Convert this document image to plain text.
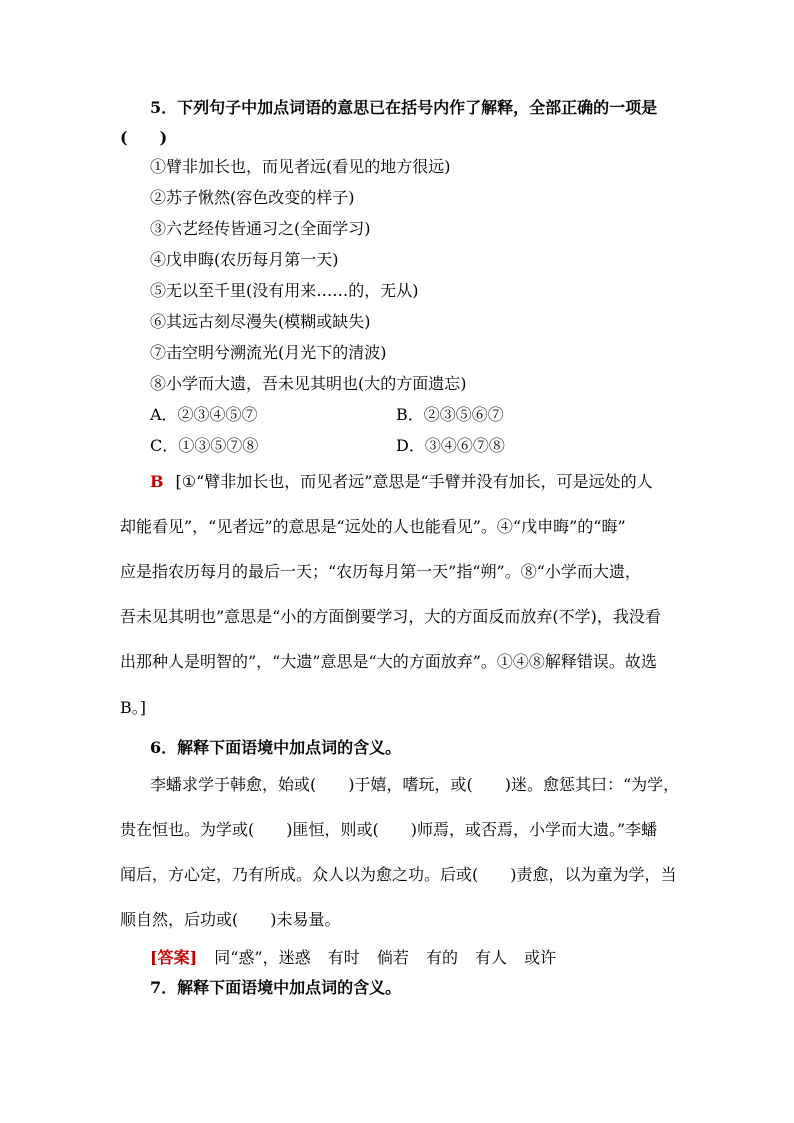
5．下列句子中加点词语的意思已在括号内作了解释，全部正确的一项是
(　　)
①臂非加长也，而见者远(看见的地方很远)
②苏子愀然(容色改变的样子)
③六艺经传皆通习之(全面学习)
④戊申晦(农历每月第一天)
⑤无以至千里(没有用来……的，无从)
⑥其远古刻尽漫失(模糊或缺失)
⑦击空明兮溯流光(月光下的清波)
⑧小学而大遗，吾未见其明也(大的方面遗忘)
A．②③④⑤⑦	B．②③⑤⑥⑦
C．①③⑤⑦⑧	D．③④⑥⑦⑧
B [①“臂非加长也，而见者远”意思是“手臂并没有加长，可是远处的人
却能看见”，“见者远”的意思是“远处的人也能看见”。④“戊申晦”的“晦”
应是指农历每月的最后一天；“农历每月第一天”指“朔”。⑧“小学而大遗，
吾未见其明也”意思是“小的方面倒要学习，大的方面反而放弃(不学)，我没看
出那种人是明智的”，“大遗”意思是“大的方面放弃”。①④⑧解释错误。故选
B。]
6．解释下面语境中加点词的含义。
李蟠求学于韩愈，始或(　　)于嬉，嗜玩，或(　　)迷。愈惩其曰：“为学，
贵在恒也。为学或(　　)匪恒，则或(　　)师焉，或否焉，小学而大遗。”李蟠
闻后，方心定，乃有所成。众人以为愈之功。后或(　　)责愈，以为童为学，当
顺自然，后功或(　　)未易量。
[答案] 同“惑”，迷惑 有时 倘若 有的 有人 或许
7．解释下面语境中加点词的含义。
